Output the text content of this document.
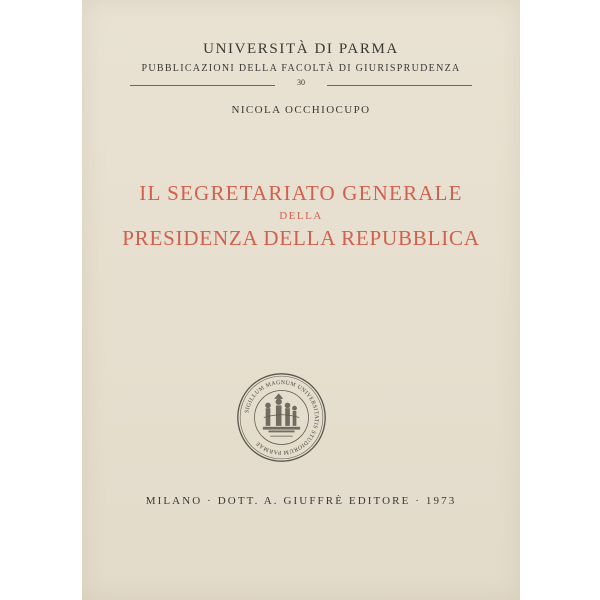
UNIVERSITÀ DI PARMA
PUBBLICAZIONI DELLA FACOLTÀ DI GIURISPRUDENZA
30
NICOLA OCCHIOCUPO
IL SEGRETARIATO GENERALE
DELLA
PRESIDENZA DELLA REPUBBLICA
SIGILLUM MAGNUM UNIVERSITATIS STUDIORUM PARMAE
MILANO · DOTT. A. GIUFFRÈ EDITORE · 1973
